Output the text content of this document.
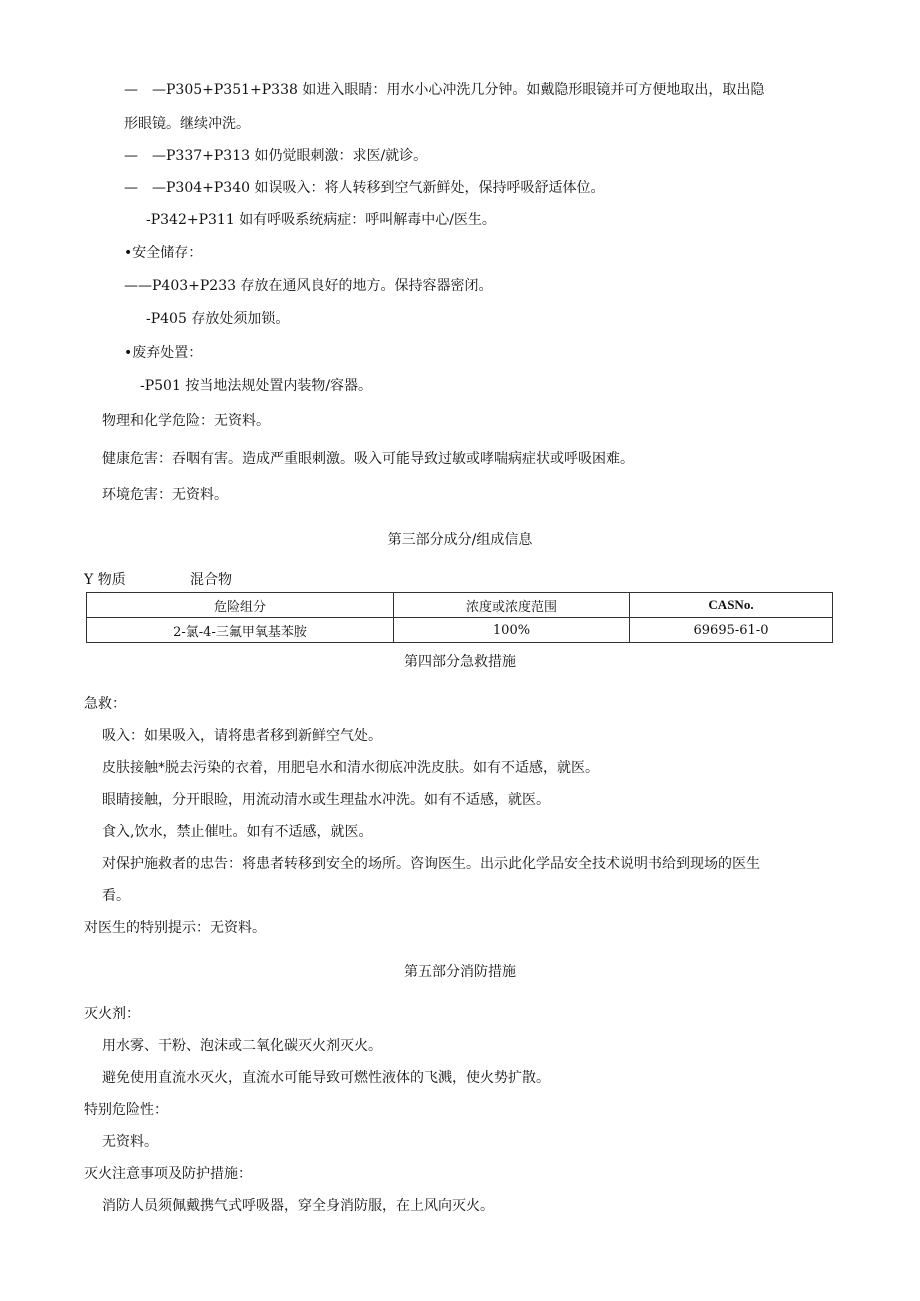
—　—P305+P351+P338 如进入眼睛：用水小心冲洗几分钟。如戴隐形眼镜并可方便地取出，取出隐
形眼镜。继续冲洗。
—　—P337+P313 如仍觉眼刺激：求医/就诊。
—　—P304+P340 如误吸入：将人转移到空气新鲜处，保持呼吸舒适体位。
-P342+P311 如有呼吸系统病症：呼叫解毒中心/医生。
•安全储存：
——P403+P233 存放在通风良好的地方。保持容器密闭。
-P405 存放处须加锁。
•废弃处置：
-P501 按当地法规处置内装物/容器。
物理和化学危险：无资料。
健康危害：吞咽有害。造成严重眼刺激。吸入可能导致过敏或哮喘病症状或呼吸困难。
环境危害：无资料。
第三部分成分/组成信息
Y 物质	混合物
危险组分	浓度或浓度范围	CASNo.
2-氯-4-三氟甲氧基苯胺	100%	69695-61-0
第四部分急救措施
急救：
吸入：如果吸入，请将患者移到新鲜空气处。
皮肤接触*脱去污染的衣着，用肥皂水和清水彻底冲洗皮肤。如有不适感，就医。
眼睛接触，分开眼睑，用流动清水或生理盐水冲洗。如有不适感，就医。
食入,饮水，禁止催吐。如有不适感，就医。
对保护施救者的忠告：将患者转移到安全的场所。咨询医生。出示此化学品安全技术说明书给到现场的医生
看。
对医生的特别提示：无资料。
第五部分消防措施
灭火剂：
用水雾、干粉、泡沫或二氧化碳灭火剂灭火。
避免使用直流水灭火，直流水可能导致可燃性液体的飞溅，使火势扩散。
特别危险性：
无资料。
灭火注意事项及防护措施：
消防人员须佩戴携气式呼吸器，穿全身消防服，在上风向灭火。
